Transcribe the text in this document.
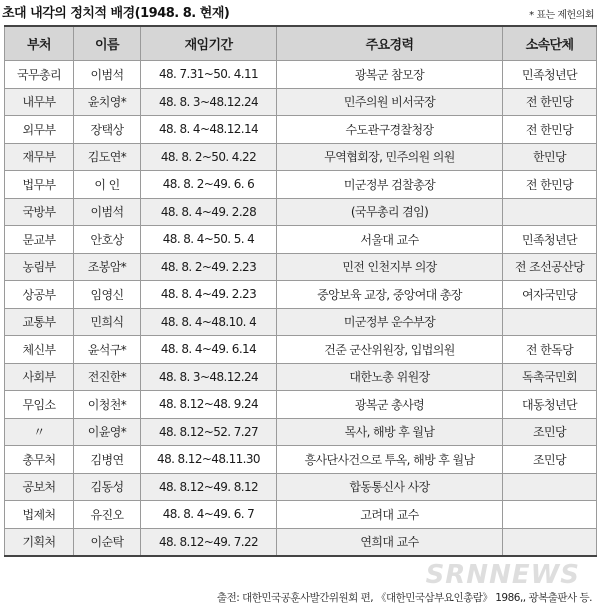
초대 내각의 정치적 배경(1948. 8. 현재)	* 표는 제헌의회
부처	이름	재임기간	주요경력	소속단체
국무총리	이범석	48. 7.31~50. 4.11	광복군 참모장	민족청년단
내무부	윤치영*	48. 8. 3~48.12.24	민주의원 비서국장	전 한민당
외무부	장택상	48. 8. 4~48.12.14	수도관구경찰청장	전 한민당
재무부	김도연*	48. 8. 2~50. 4.22	무역협회장, 민주의원 의원	한민당
법무부	이 인	48. 8. 2~49. 6. 6	미군정부 검찰총장	전 한민당
국방부	이범석	48. 8. 4~49. 2.28	(국무총리 겸임)	
문교부	안호상	48. 8. 4~50. 5. 4	서울대 교수	민족청년단
농림부	조봉암*	48. 8. 2~49. 2.23	민전 인천지부 의장	전 조선공산당
상공부	임영신	48. 8. 4~49. 2.23	중앙보육 교장, 중앙여대 총장	여자국민당
교통부	민희식	48. 8. 4~48.10. 4	미군정부 운수부장	
체신부	윤석구*	48. 8. 4~49. 6.14	건준 군산위원장, 입법의원	전 한독당
사회부	전진한*	48. 8. 3~48.12.24	대한노총 위원장	독촉국민회
무임소	이청천*	48. 8.12~48. 9.24	광복군 총사령	대동청년단
〃	이윤영*	48. 8.12~52. 7.27	목사, 해방 후 월남	조민당
총무처	김병연	48. 8.12~48.11.30	흥사단사건으로 투옥, 해방 후 월남	조민당
공보처	김동성	48. 8.12~49. 8.12	합동통신사 사장	
법제처	유진오	48. 8. 4~49. 6. 7	고려대 교수	
기획처	이순탁	48. 8.12~49. 7.22	연희대 교수	
SRNNEWS
출전: 대한민국공훈사발간위원회 편, 《대한민국삼부요인총람》 1986,, 광복출판사 등.
